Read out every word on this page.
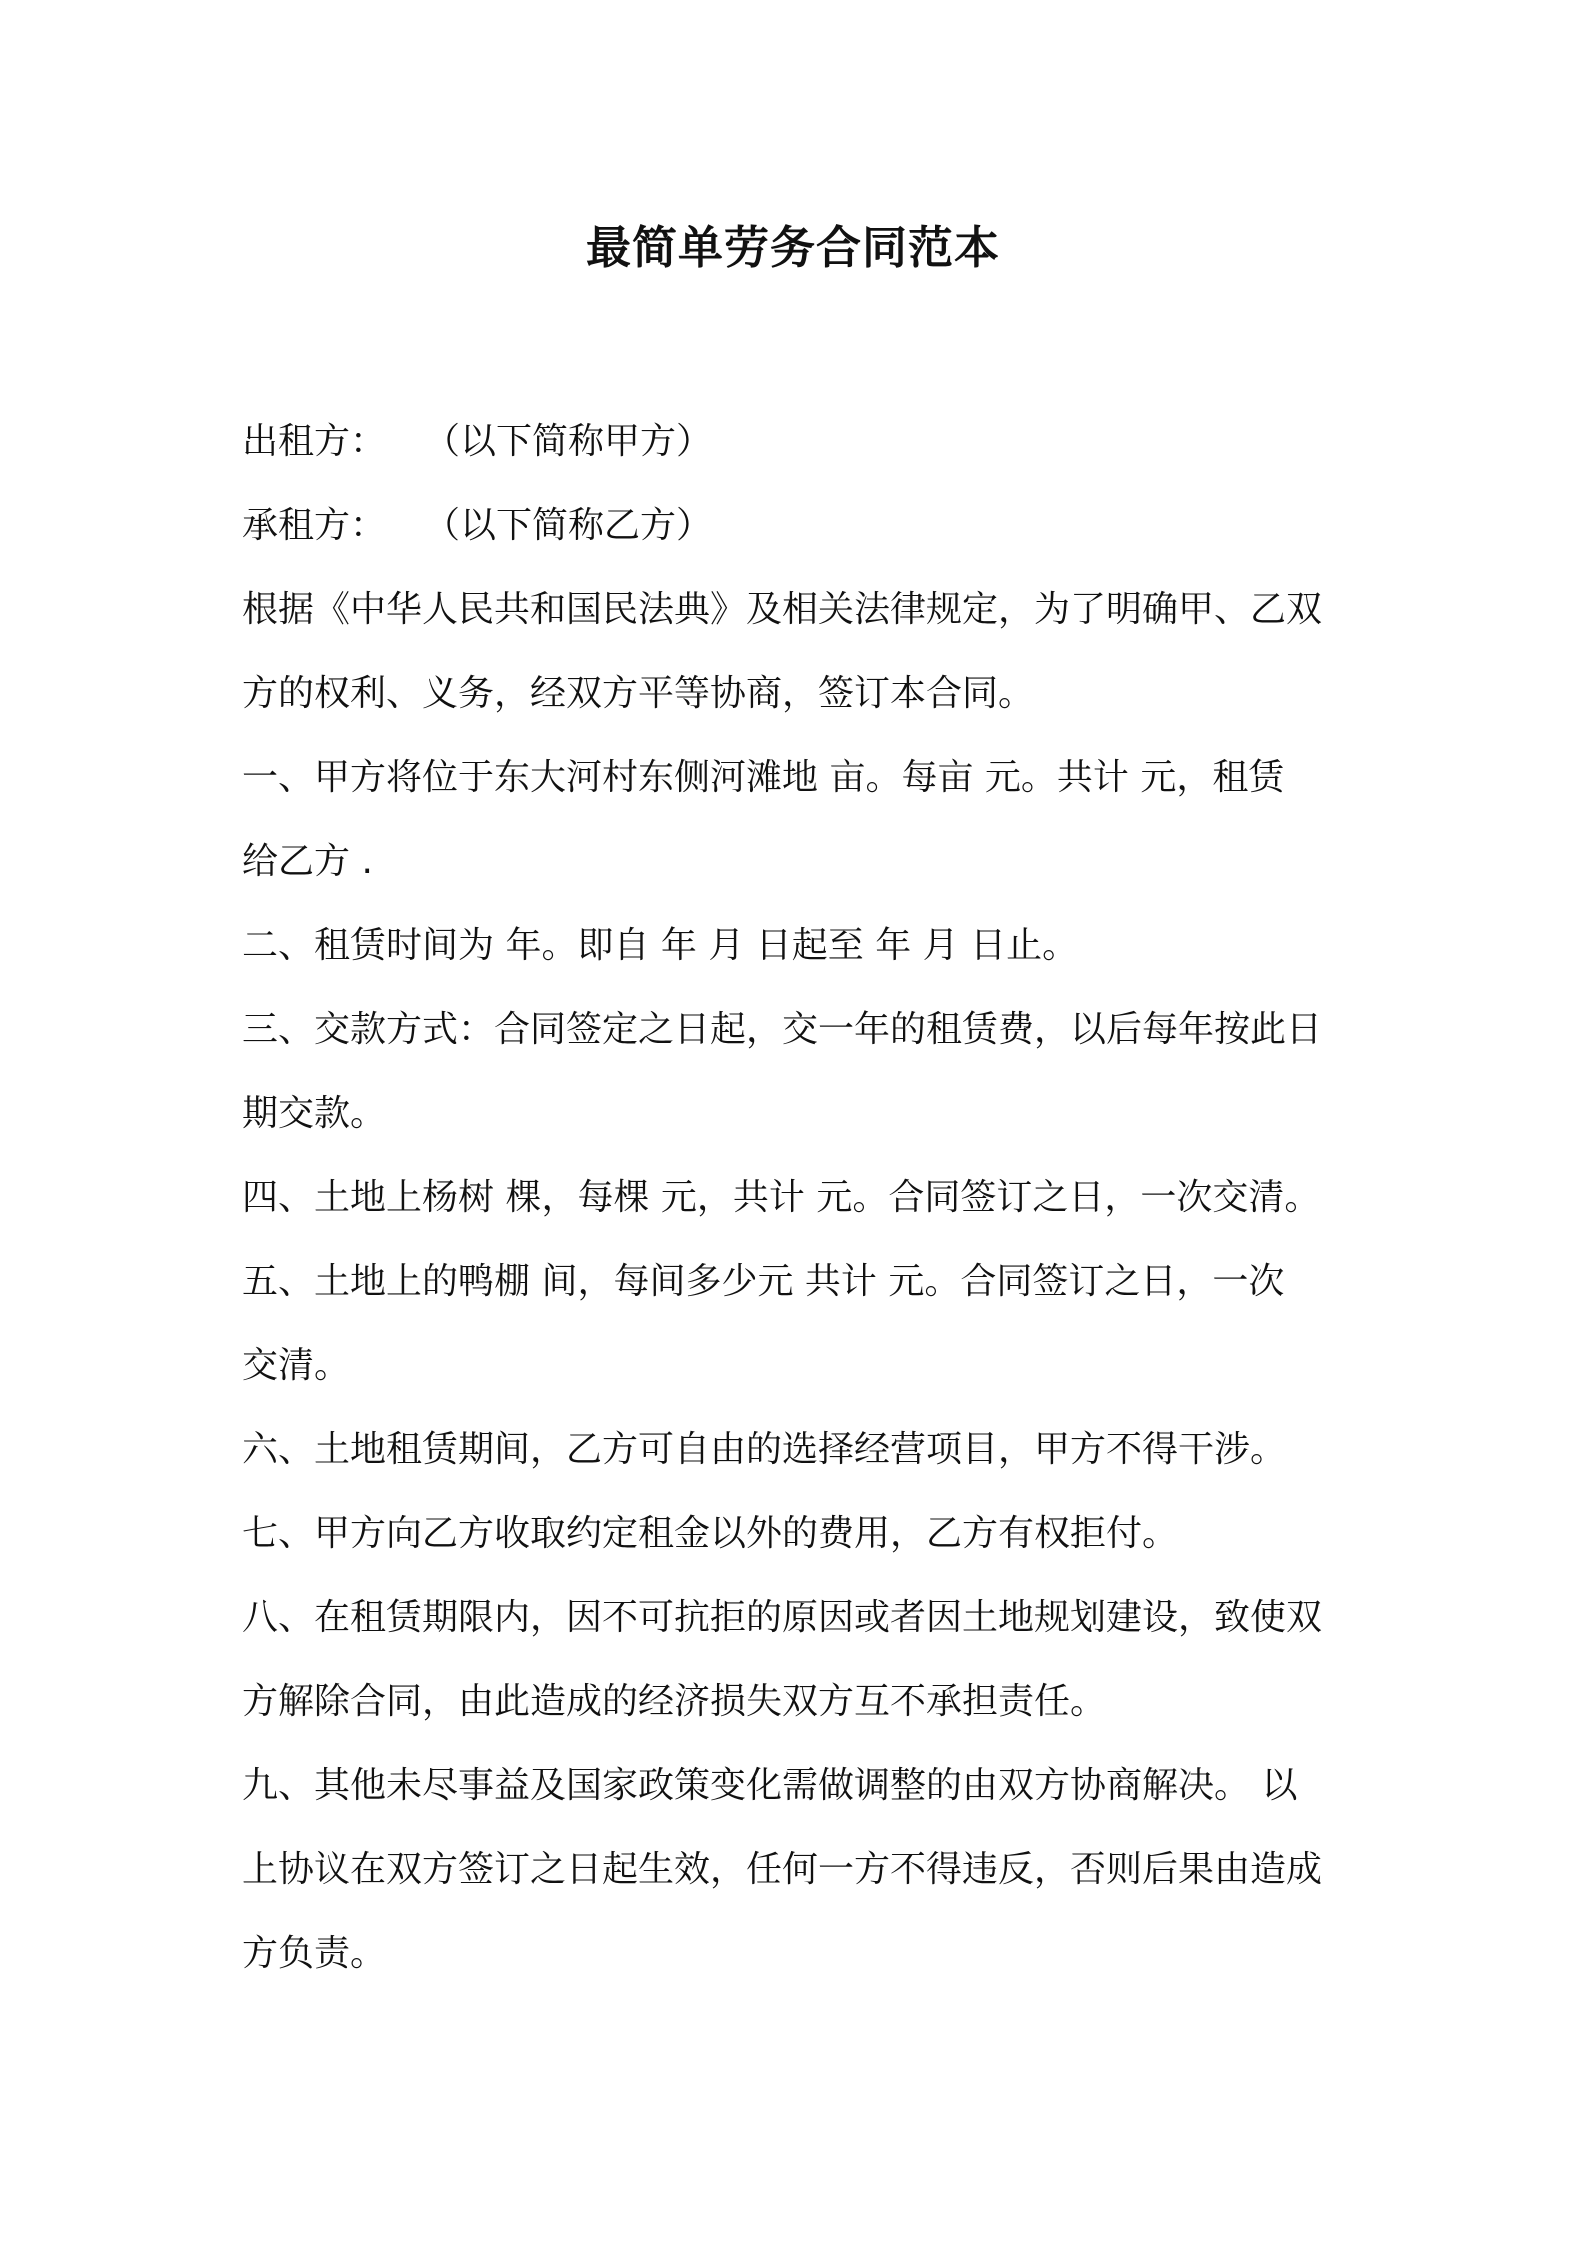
最简单劳务合同范本
出租方： （以下简称甲方）
承租方： （以下简称乙方）
根据《中华人民共和国民法典》及相关法律规定，为了明确甲、乙双
方的权利、义务，经双方平等协商，签订本合同。
一、甲方将位于东大河村东侧河滩地 亩。每亩 元。共计 元，租赁
给乙方 .
二、租赁时间为 年。即自 年 月 日起至 年 月 日止。
三、交款方式：合同签定之日起，交一年的租赁费，以后每年按此日
期交款。
四、土地上杨树 棵，每棵 元，共计 元。合同签订之日，一次交清。
五、土地上的鸭棚 间，每间多少元 共计 元。合同签订之日，一次
交清。
六、土地租赁期间，乙方可自由的选择经营项目，甲方不得干涉。
七、甲方向乙方收取约定租金以外的费用，乙方有权拒付。
八、在租赁期限内，因不可抗拒的原因或者因土地规划建设，致使双
方解除合同，由此造成的经济损失双方互不承担责任。
九、其他未尽事益及国家政策变化需做调整的由双方协商解决。 以
上协议在双方签订之日起生效，任何一方不得违反，否则后果由造成
方负责。
